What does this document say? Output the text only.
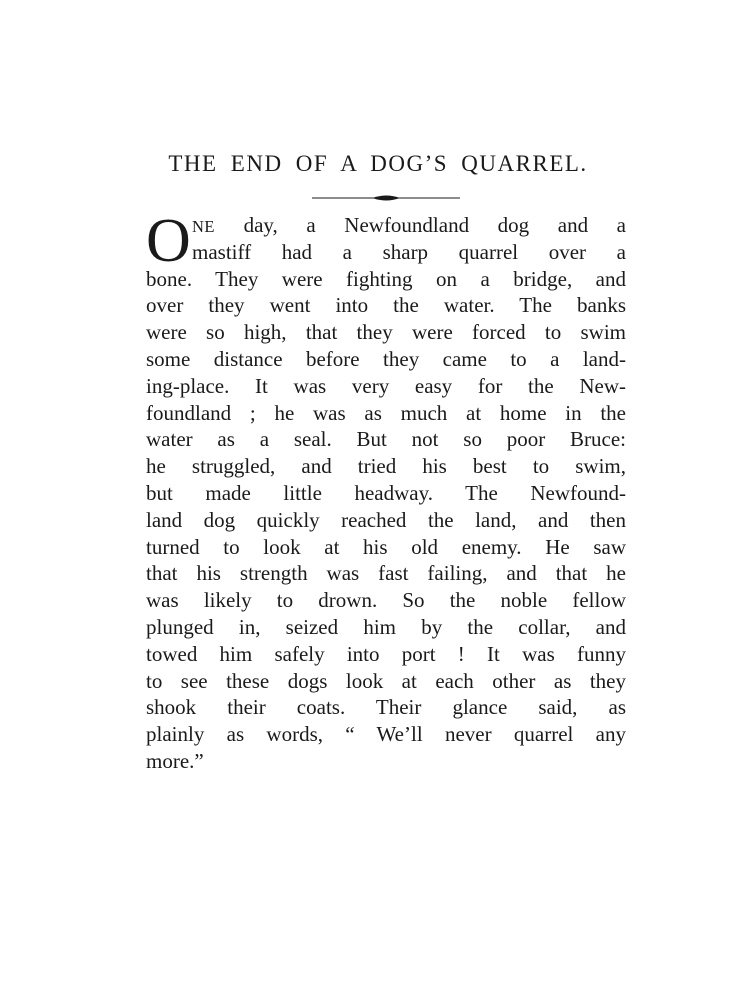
THE END OF A DOG’S QUARREL.
O NE day, a Newfoundland dog and a
mastiff had a sharp quarrel over a
bone. They were fighting on a bridge, and
over they went into the water. The banks
were so high, that they were forced to swim
some distance before they came to a land-
ing-place. It was very easy for the New-
foundland ; he was as much at home in the
water as a seal. But not so poor Bruce:
he struggled, and tried his best to swim,
but made little headway. The Newfound-
land dog quickly reached the land, and then
turned to look at his old enemy. He saw
that his strength was fast failing, and that he
was likely to drown. So the noble fellow
plunged in, seized him by the collar, and
towed him safely into port ! It was funny
to see these dogs look at each other as they
shook their coats. Their glance said, as
plainly as words, “ We’ll never quarrel any
more.”
